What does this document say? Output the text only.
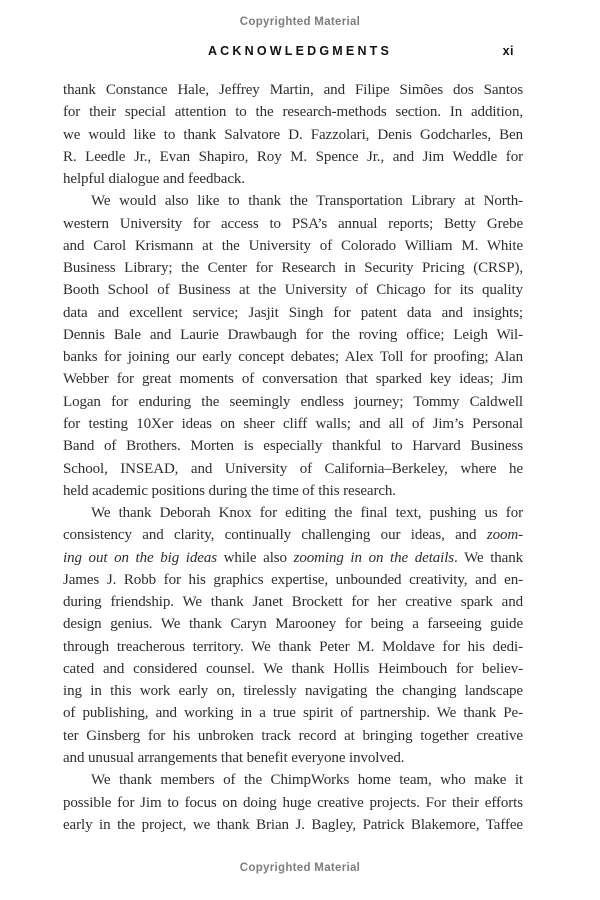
Copyrighted Material
ACKNOWLEDGMENTS	xi
thank Constance Hale, Jeffrey Martin, and Filipe Simões dos Santos
for their special attention to the research-methods section. In addition,
we would like to thank Salvatore D. Fazzolari, Denis Godcharles, Ben
R. Leedle Jr., Evan Shapiro, Roy M. Spence Jr., and Jim Weddle for
helpful dialogue and feedback.
We would also like to thank the Transportation Library at North-
western University for access to PSA’s annual reports; Betty Grebe
and Carol Krismann at the University of Colorado William M. White
Business Library; the Center for Research in Security Pricing (CRSP),
Booth School of Business at the University of Chicago for its quality
data and excellent service; Jasjit Singh for patent data and insights;
Dennis Bale and Laurie Drawbaugh for the roving office; Leigh Wil-
banks for joining our early concept debates; Alex Toll for proofing; Alan
Webber for great moments of conversation that sparked key ideas; Jim
Logan for enduring the seemingly endless journey; Tommy Caldwell
for testing 10Xer ideas on sheer cliff walls; and all of Jim’s Personal
Band of Brothers. Morten is especially thankful to Harvard Business
School, INSEAD, and University of California–Berkeley, where he
held academic positions during the time of this research.
We thank Deborah Knox for editing the final text, pushing us for
consistency and clarity, continually challenging our ideas, and zoom-
ing out on the big ideas while also zooming in on the details. We thank
James J. Robb for his graphics expertise, unbounded creativity, and en-
during friendship. We thank Janet Brockett for her creative spark and
design genius. We thank Caryn Marooney for being a farseeing guide
through treacherous territory. We thank Peter M. Moldave for his dedi-
cated and considered counsel. We thank Hollis Heimbouch for believ-
ing in this work early on, tirelessly navigating the changing landscape
of publishing, and working in a true spirit of partnership. We thank Pe-
ter Ginsberg for his unbroken track record at bringing together creative
and unusual arrangements that benefit everyone involved.
We thank members of the ChimpWorks home team, who make it
possible for Jim to focus on doing huge creative projects. For their efforts
early in the project, we thank Brian J. Bagley, Patrick Blakemore, Taffee
Copyrighted Material
